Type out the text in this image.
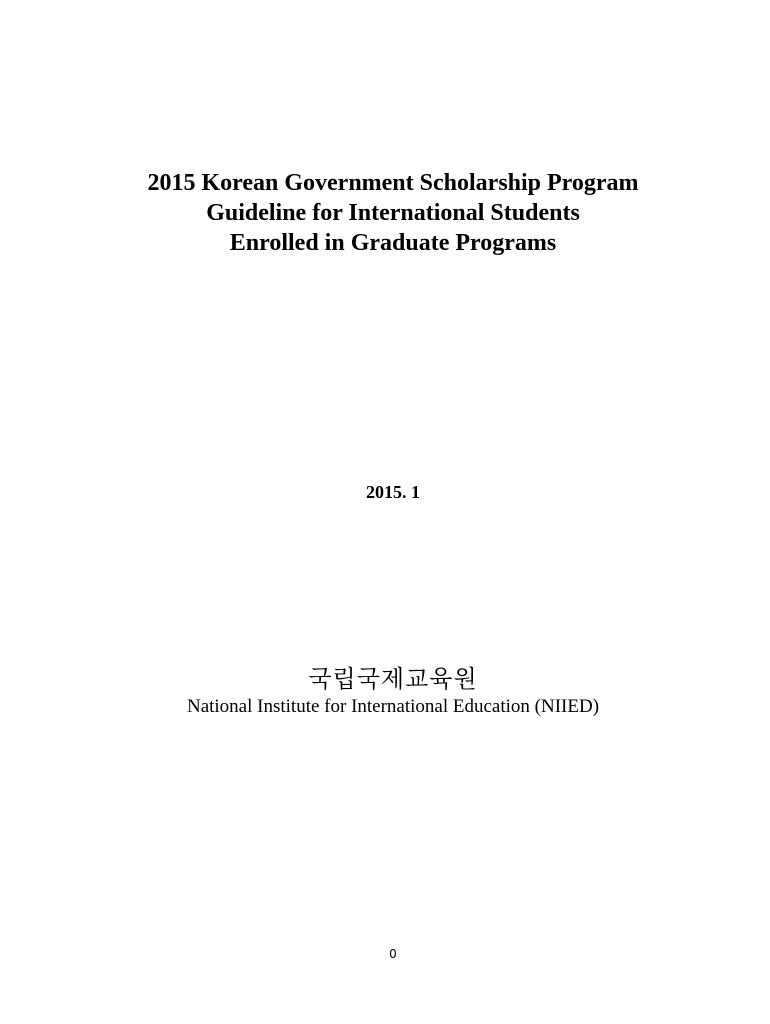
2015 Korean Government Scholarship Program
Guideline for International Students
Enrolled in Graduate Programs
2015. 1
국립국제교육원
National Institute for International Education (NIIED)
0
